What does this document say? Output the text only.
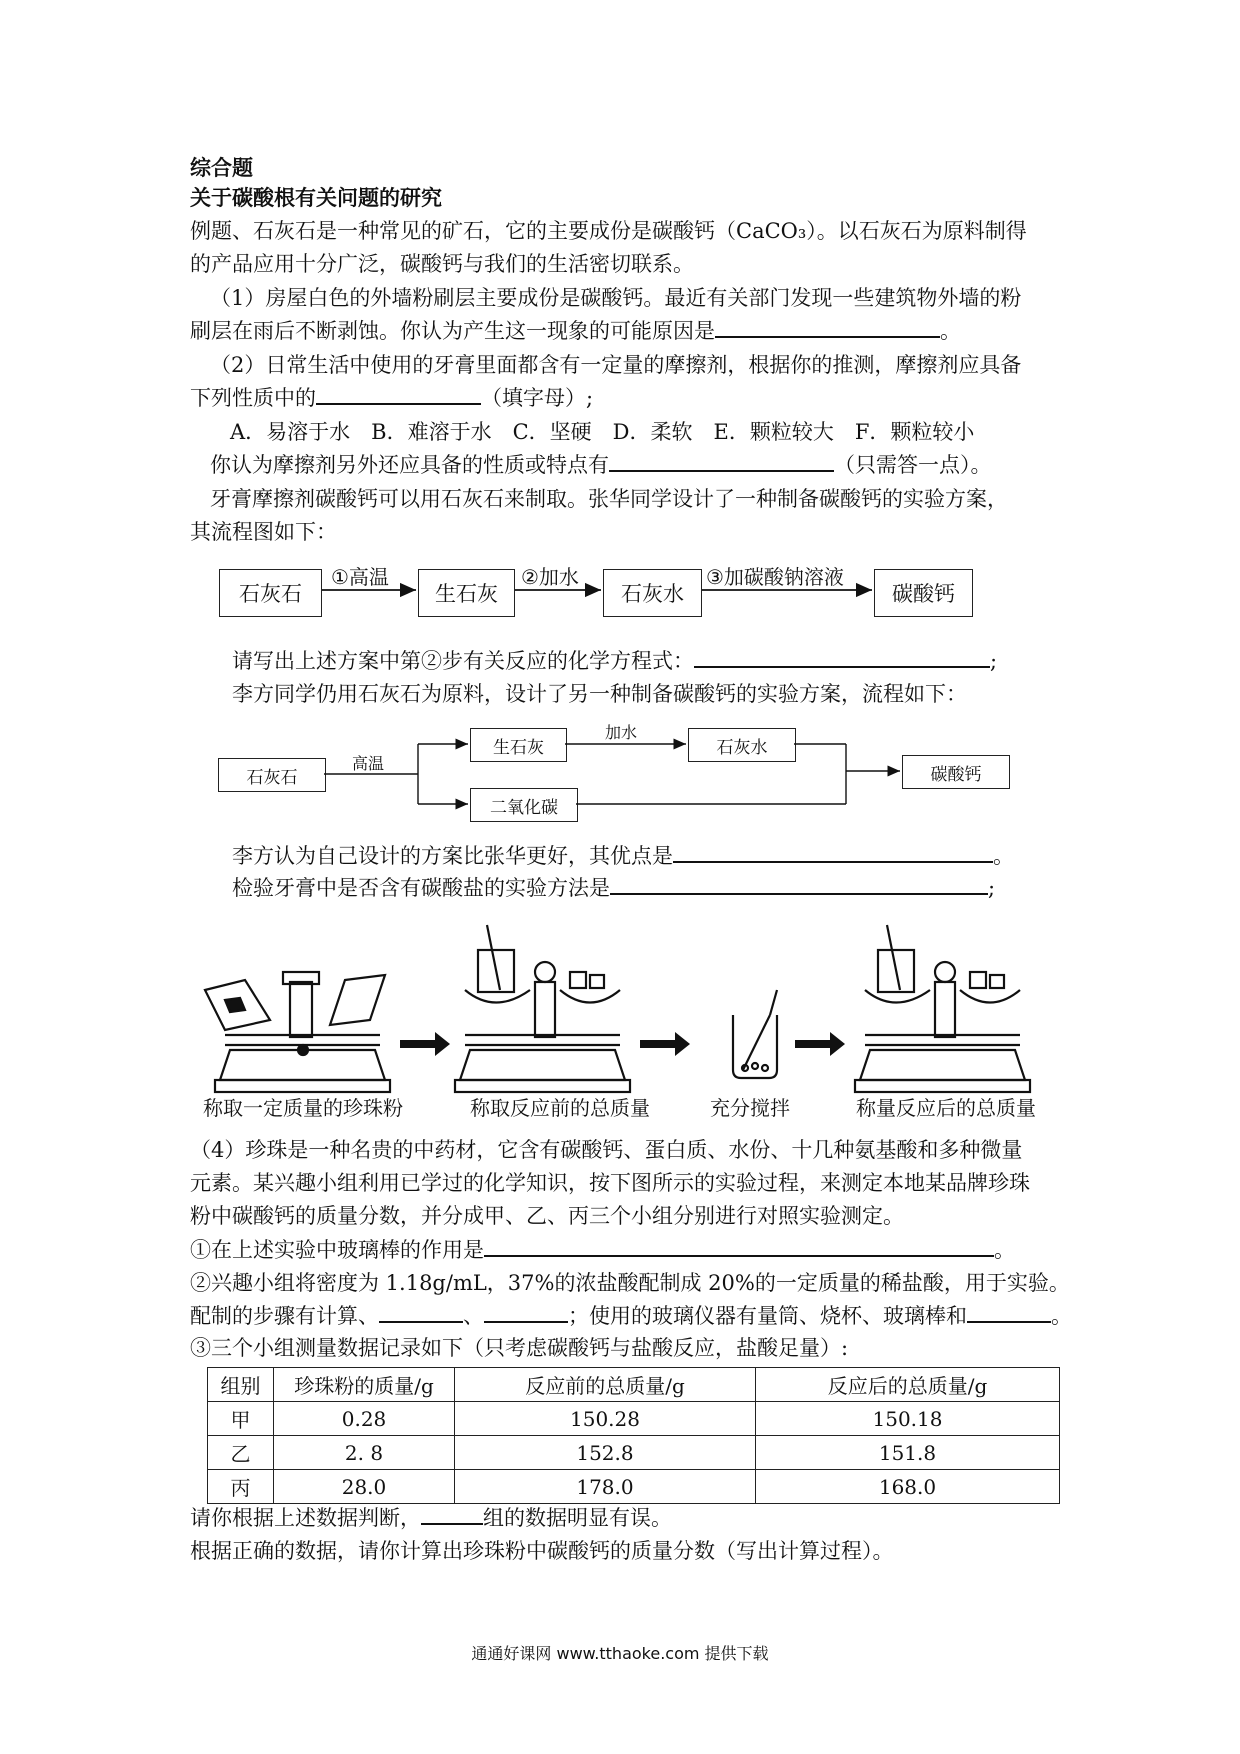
综合题
关于碳酸根有关问题的研究
例题、石灰石是一种常见的矿石，它的主要成份是碳酸钙（CaCO₃）。以石灰石为原料制得
的产品应用十分广泛，碳酸钙与我们的生活密切联系。
（1）房屋白色的外墙粉刷层主要成份是碳酸钙。最近有关部门发现一些建筑物外墙的粉
刷层在雨后不断剥蚀。你认为产生这一现象的可能原因是	。
（2）日常生活中使用的牙膏里面都含有一定量的摩擦剂，根据你的推测，摩擦剂应具备
下列性质中的	（填字母）;
A．易溶于水　B．难溶于水　C．坚硬　D．柔软　E．颗粒较大　F．颗粒较小
你认为摩擦剂另外还应具备的性质或特点有	（只需答一点）。
牙膏摩擦剂碳酸钙可以用石灰石来制取。张华同学设计了一种制备碳酸钙的实验方案，
其流程图如下：
石灰石	生石灰	石灰水	碳酸钙
①高温	②加水	③加碳酸钠溶液
请写出上述方案中第②步有关反应的化学方程式：	;
李方同学仍用石灰石为原料，设计了另一种制备碳酸钙的实验方案，流程如下：
石灰石
生石灰	石灰水
二氧化碳
碳酸钙
高温
加水
李方认为自己设计的方案比张华更好，其优点是	。
检验牙膏中是否含有碳酸盐的实验方法是	;
称取一定质量的珍珠粉	称取反应前的总质量	充分搅拌	称量反应后的总质量
（4）珍珠是一种名贵的中药材，它含有碳酸钙、蛋白质、水份、十几种氨基酸和多种微量
元素。某兴趣小组利用已学过的化学知识，按下图所示的实验过程，来测定本地某品牌珍珠
粉中碳酸钙的质量分数，并分成甲、乙、丙三个小组分别进行对照实验测定。
①在上述实验中玻璃棒的作用是	。
②兴趣小组将密度为 1.18g/mL，37%的浓盐酸配制成 20%的一定质量的稀盐酸，用于实验。
配制的步骤有计算、	、	；使用的玻璃仪器有量筒、烧杯、玻璃棒和	。
③三个小组测量数据记录如下（只考虑碳酸钙与盐酸反应，盐酸足量）:
组别	珍珠粉的质量/g	反应前的总质量/g	反应后的总质量/g
甲	0.28	150.28	150.18
乙	2. 8	152.8	151.8
丙	28.0	178.0	168.0
请你根据上述数据判断，	组的数据明显有误。
根据正确的数据，请你计算出珍珠粉中碳酸钙的质量分数（写出计算过程）。
通通好课网 www.tthaoke.com 提供下载
